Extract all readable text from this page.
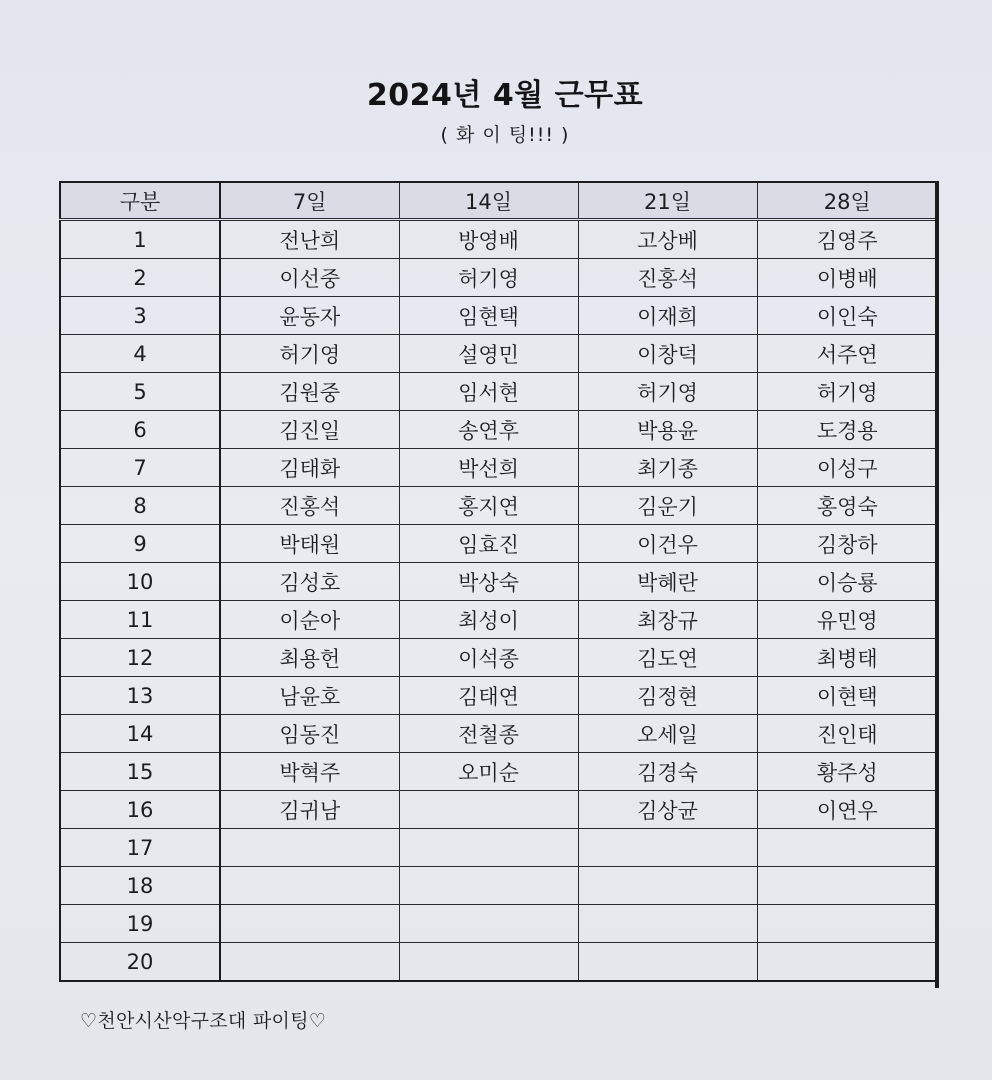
2024년 4월 근무표
( 화 이 팅!!! )
구분	7일	14일	21일	28일
1	전난희	방영배	고상베	김영주
2	이선중	허기영	진홍석	이병배
3	윤동자	임현택	이재희	이인숙
4	허기영	설영민	이창덕	서주연
5	김원중	임서현	허기영	허기영
6	김진일	송연후	박용윤	도경용
7	김태화	박선희	최기종	이성구
8	진홍석	홍지연	김운기	홍영숙
9	박태원	임효진	이건우	김창하
10	김성호	박상숙	박혜란	이승룡
11	이순아	최성이	최장규	유민영
12	최용헌	이석종	김도연	최병태
13	남윤호	김태연	김정현	이현택
14	임동진	전철종	오세일	진인태
15	박혁주	오미순	김경숙	황주성
16	김귀남		김상균	이연우
17				
18				
19				
20				
♡천안시산악구조대 파이팅♡
